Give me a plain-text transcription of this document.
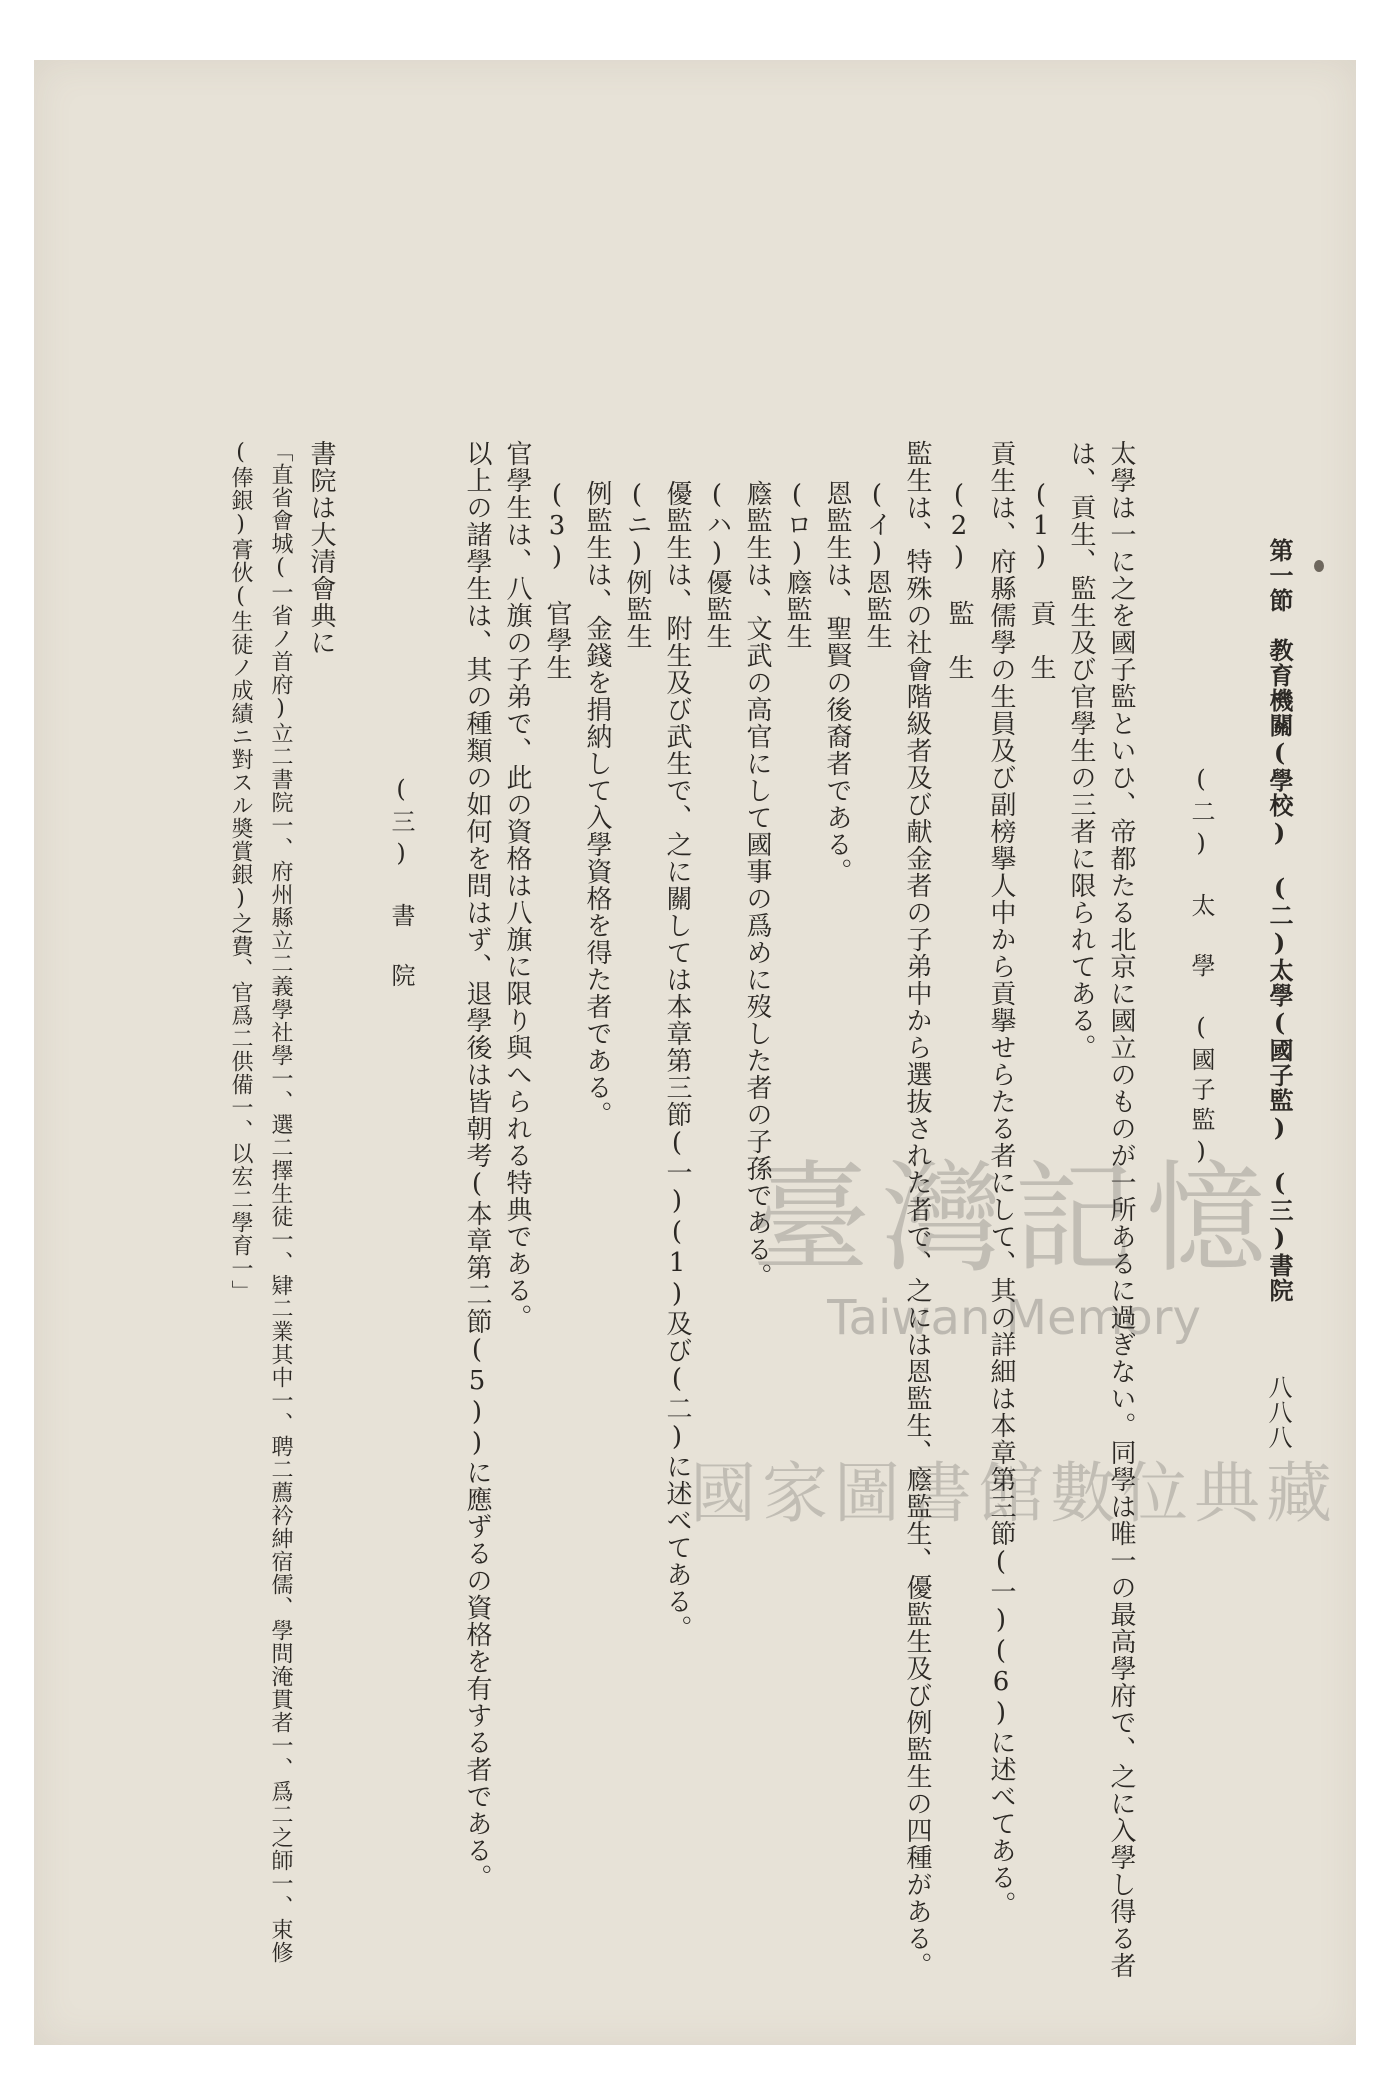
第一節　教育機關(學校)　(二)太學(國子監)　(三)書院
八八八
(二)　太　學　(國子監)
太學は一に之を國子監といひ、帝都たる北京に國立のものが一所あるに過ぎない。同學は唯一の最高學府で、之に入學し得る者
は、貢生、監生及び官學生の三者に限られてある。
(1)　貢　生
貢生は、府縣儒學の生員及び副榜擧人中から貢擧せらたる者にして、其の詳細は本章第三節(一)(6)に述べてある。
(2)　監　生
監生は、特殊の社會階級者及び献金者の子弟中から選抜された者で、之には恩監生、廕監生、優監生及び例監生の四種がある。
(イ)恩監生
恩監生は、聖賢の後裔者である。
(ロ)廕監生
廕監生は、文武の高官にして國事の爲めに歿した者の子孫である。
(ハ)優監生
優監生は、附生及び武生で、之に關しては本章第三節(一)(1)及び(二)に述べてある。
(ニ)例監生
例監生は、金錢を捐納して入學資格を得た者である。
(3)　官學生
官學生は、八旗の子弟で、此の資格は八旗に限り與へられる特典である。
以上の諸學生は、其の種類の如何を問はず、退學後は皆朝考(本章第二節(5))に應ずるの資格を有する者である。
(三)　書　院
書院は大清會典に
「直省會城(一省ノ首府)立二書院一、府州縣立二義學社學一、選二擇生徒一、肄二業其中一、聘二薦衿紳宿儒、學問淹貫者一、爲二之師一、束修
(俸銀)膏伙(生徒ノ成績ニ對スル奬賞銀)之費、官爲二供備一、以宏二學育一」	臺灣記憶
Taiwan Memory
國家圖書館數位典藏
